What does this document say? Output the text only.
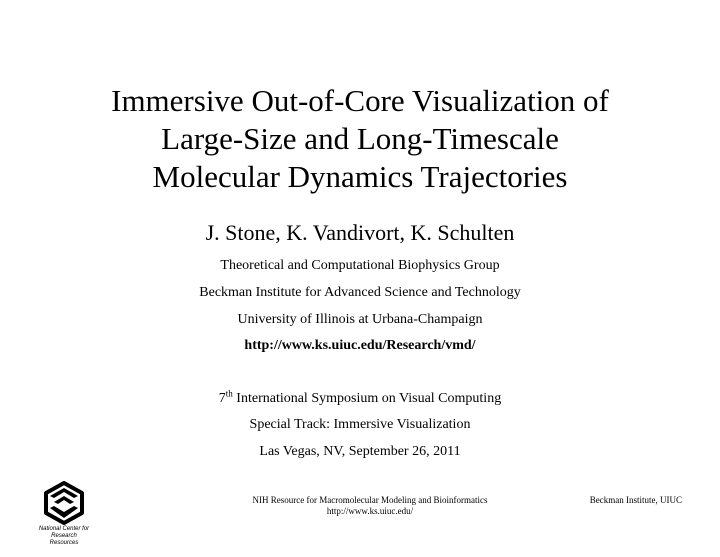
Immersive Out-of-Core Visualization of
Large-Size and Long-Timescale
Molecular Dynamics Trajectories
J. Stone, K. Vandivort, K. Schulten
Theoretical and Computational Biophysics Group
Beckman Institute for Advanced Science and Technology
University of Illinois at Urbana-Champaign
http://www.ks.uiuc.edu/Research/vmd/
7th International Symposium on Visual Computing
Special Track: Immersive Visualization
Las Vegas, NV, September 26, 2011
National Center for
Research Resources
NIH Resource for Macromolecular Modeling and Bioinformatics
http://www.ks.uiuc.edu/
Beckman Institute, UIUC
